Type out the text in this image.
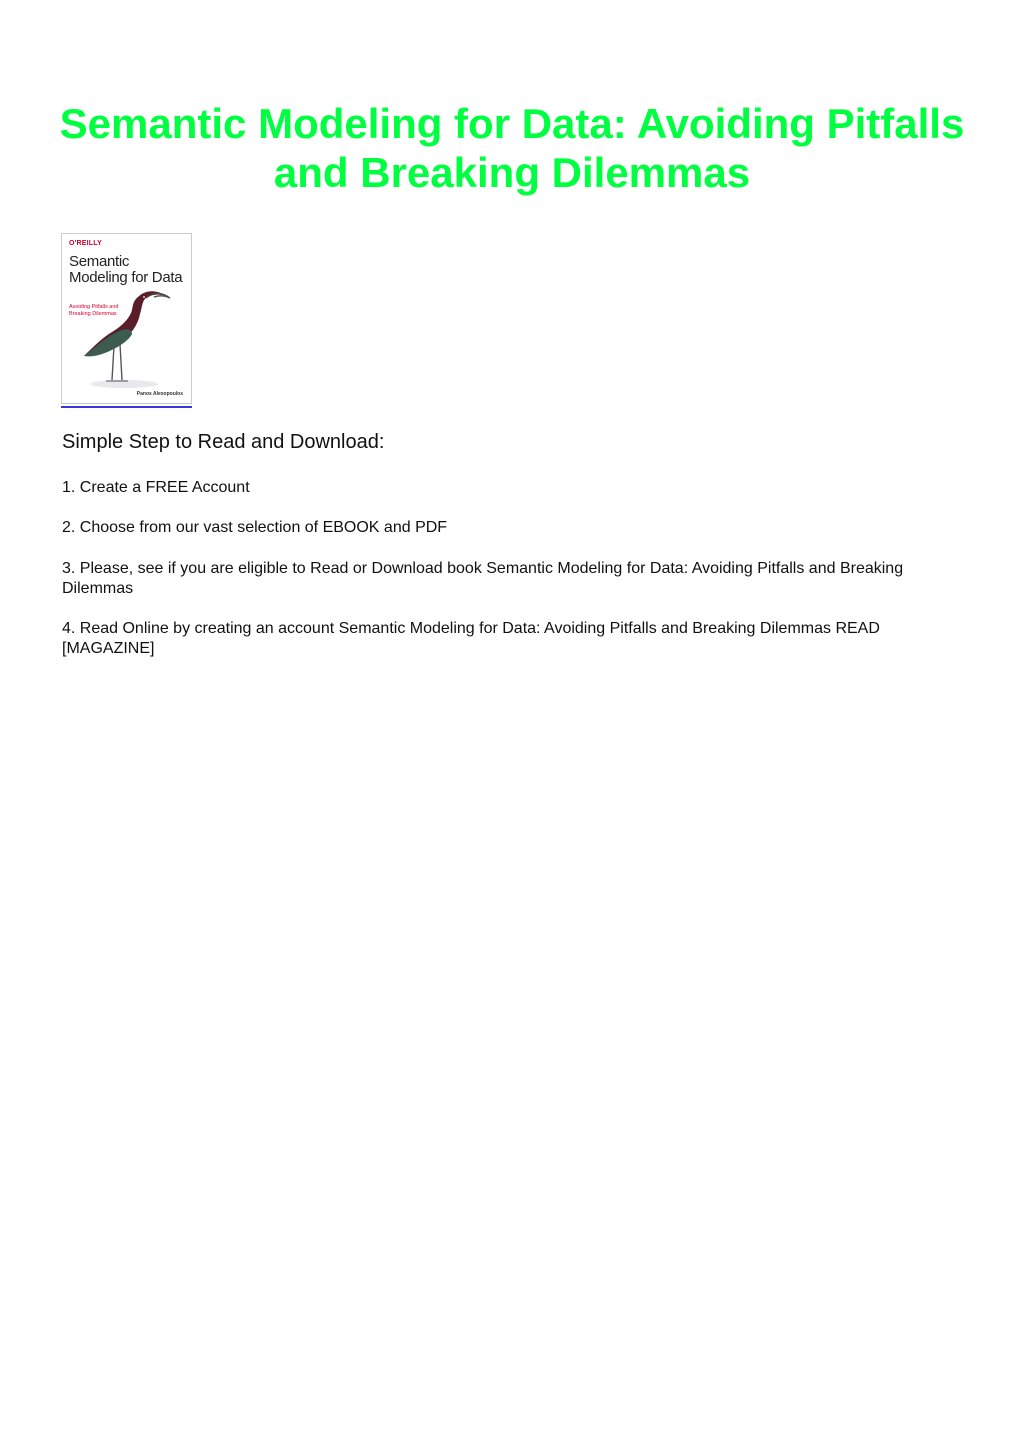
Semantic Modeling for Data: Avoiding Pitfalls and Breaking Dilemmas
O'REILLY
Semantic Modeling for Data
Avoiding Pitfalls and Breaking Dilemmas
Panos Alexopoulos
Simple Step to Read and Download:

1. Create a FREE Account

2. Choose from our vast selection of EBOOK and PDF

3. Please, see if you are eligible to Read or Download book Semantic Modeling for Data: Avoiding Pitfalls and Breaking Dilemmas

4. Read Online by creating an account Semantic Modeling for Data: Avoiding Pitfalls and Breaking Dilemmas READ [MAGAZINE]
